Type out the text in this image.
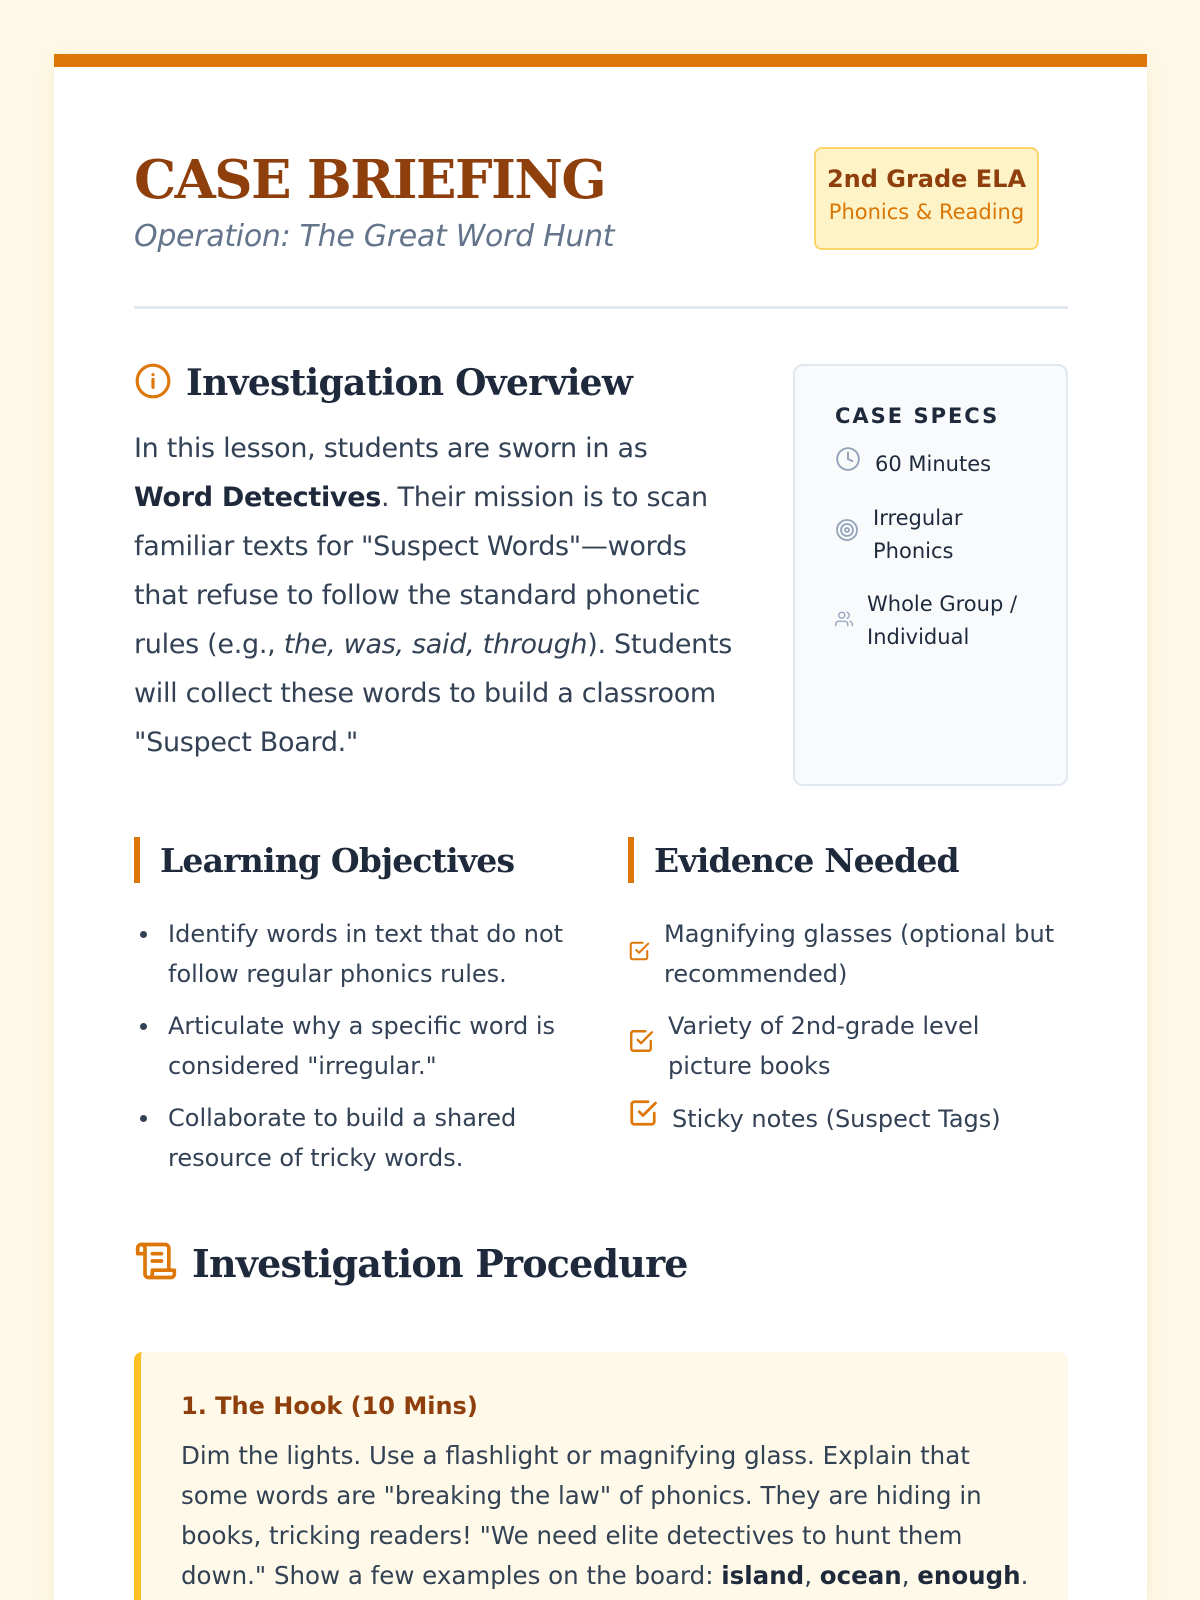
CASE BRIEFING
Operation: The Great Word Hunt
2nd Grade ELA
Phonics & Reading
Investigation Overview

In this lesson, students are sworn in as Word Detectives. Their mission is to scan familiar texts for "Suspect Words"—words that refuse to follow the standard phonetic rules (e.g., the, was, said, through). Students will collect these words to build a classroom "Suspect Board."

CASE SPECS
60 Minutes
Irregular Phonics
Whole Group / Individual
Learning Objectives
Identify words in text that do not follow regular phonics rules.
Articulate why a specific word is considered "irregular."
Collaborate to build a shared resource of tricky words.
Evidence Needed
Magnifying glasses (optional but recommended)
Variety of 2nd-grade level picture books
Sticky notes (Suspect Tags)
Investigation Procedure
1. The Hook (10 Mins)

Dim the lights. Use a flashlight or magnifying glass. Explain that some words are "breaking the law" of phonics. They are hiding in books, tricking readers! "We need elite detectives to hunt them down." Show a few examples on the board: island, ocean, enough.
